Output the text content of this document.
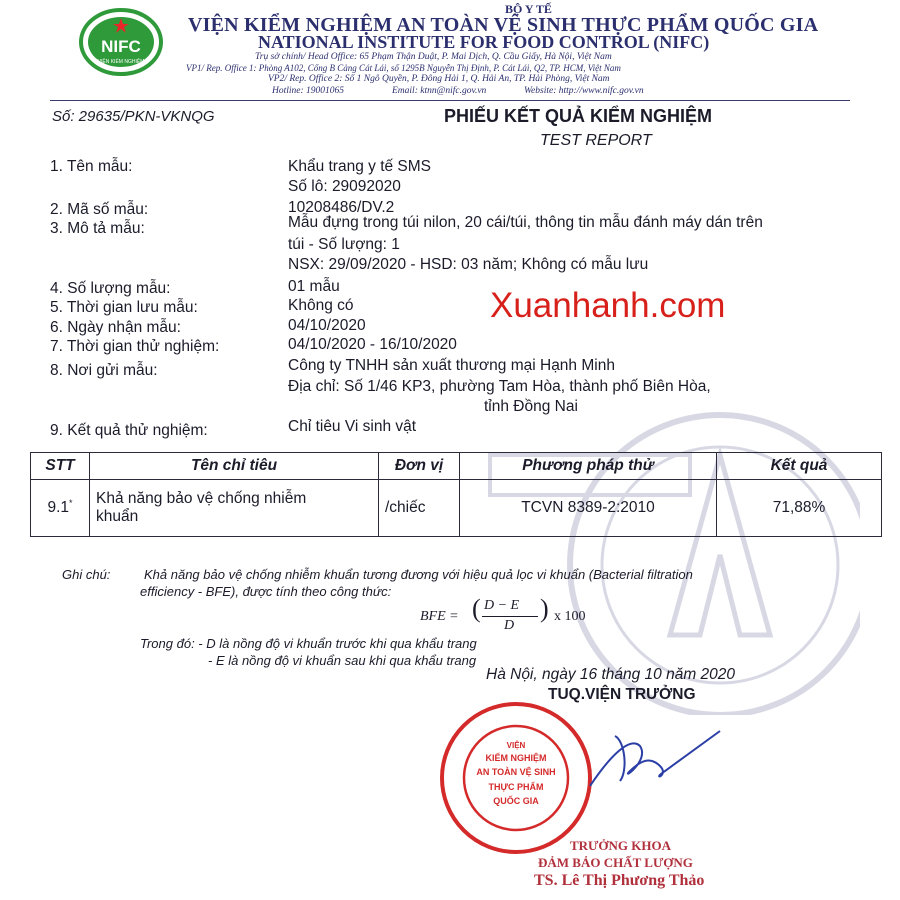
NIFC
VIỆN KIỂM NGHIỆM
BỘ Y TẾ
VIỆN KIỂM NGHIỆM AN TOÀN VỆ SINH THỰC PHẨM QUỐC GIA
NATIONAL INSTITUTE FOR FOOD CONTROL (NIFC)
Trụ sở chính/ Head Office: 65 Phạm Thận Duật, P. Mai Dịch, Q. Cầu Giấy, Hà Nội, Việt Nam
VP1/ Rep. Office 1: Phòng A102, Cổng B Cảng Cát Lái, số 1295B Nguyễn Thị Định, P. Cát Lái, Q2, TP. HCM, Việt Nam
VP2/ Rep. Office 2: Số 1 Ngô Quyền, P. Đông Hải 1, Q. Hải An, TP. Hải Phòng, Việt Nam
Hotline: 19001065	Email: ktnn@nifc.gov.vn	Website: http://www.nifc.gov.vn
Số: 29635/PKN-VKNQG	PHIẾU KẾT QUẢ KIỂM NGHIỆM
TEST REPORT
1. Tên mẫu:	Khẩu trang y tế SMS
Số lô: 29092020
2. Mã số mẫu:	10208486/DV.2
3. Mô tả mẫu:	Mẫu đựng trong túi nilon, 20 cái/túi, thông tin mẫu đánh máy dán trên
túi - Số lượng: 1
NSX: 29/09/2020 - HSD: 03 năm; Không có mẫu lưu
4. Số lượng mẫu:	01 mẫu
5. Thời gian lưu mẫu:	Không có
6. Ngày nhận mẫu:	04/10/2020
7. Thời gian thử nghiệm:	04/10/2020 - 16/10/2020
8. Nơi gửi mẫu:	Công ty TNHH sản xuất thương mại Hạnh Minh
Địa chỉ: Số 1/46 KP3, phường Tam Hòa, thành phố Biên Hòa,
tỉnh Đồng Nai
9. Kết quả thử nghiệm:	Chỉ tiêu Vi sinh vật
Xuanhanh.com
STT	Tên chỉ tiêu	Đơn vị	Phương pháp thử	Kết quả
9.1*	Khả năng bảo vệ chống nhiễm
khuẩn	/chiếc	TCVN 8389-2:2010	71,88%
Ghi chú:	Khả năng bảo vệ chống nhiễm khuẩn tương đương với hiệu quả lọc vi khuẩn (Bacterial filtration
efficiency - BFE), được tính theo công thức:
BFE = ( D − E
D
) x 100
Trong đó: - D là nồng độ vi khuẩn trước khi qua khẩu trang
- E là nồng độ vi khuẩn sau khi qua khẩu trang
Hà Nội, ngày 16 tháng 10 năm 2020
TUQ.VIỆN TRƯỞNG
VIỆN
KIỂM NGHIỆM
AN TOÀN VỆ SINH
THỰC PHẨM
QUỐC GIA
TRƯỞNG KHOA
ĐẢM BẢO CHẤT LƯỢNG
TS. Lê Thị Phương Thảo
